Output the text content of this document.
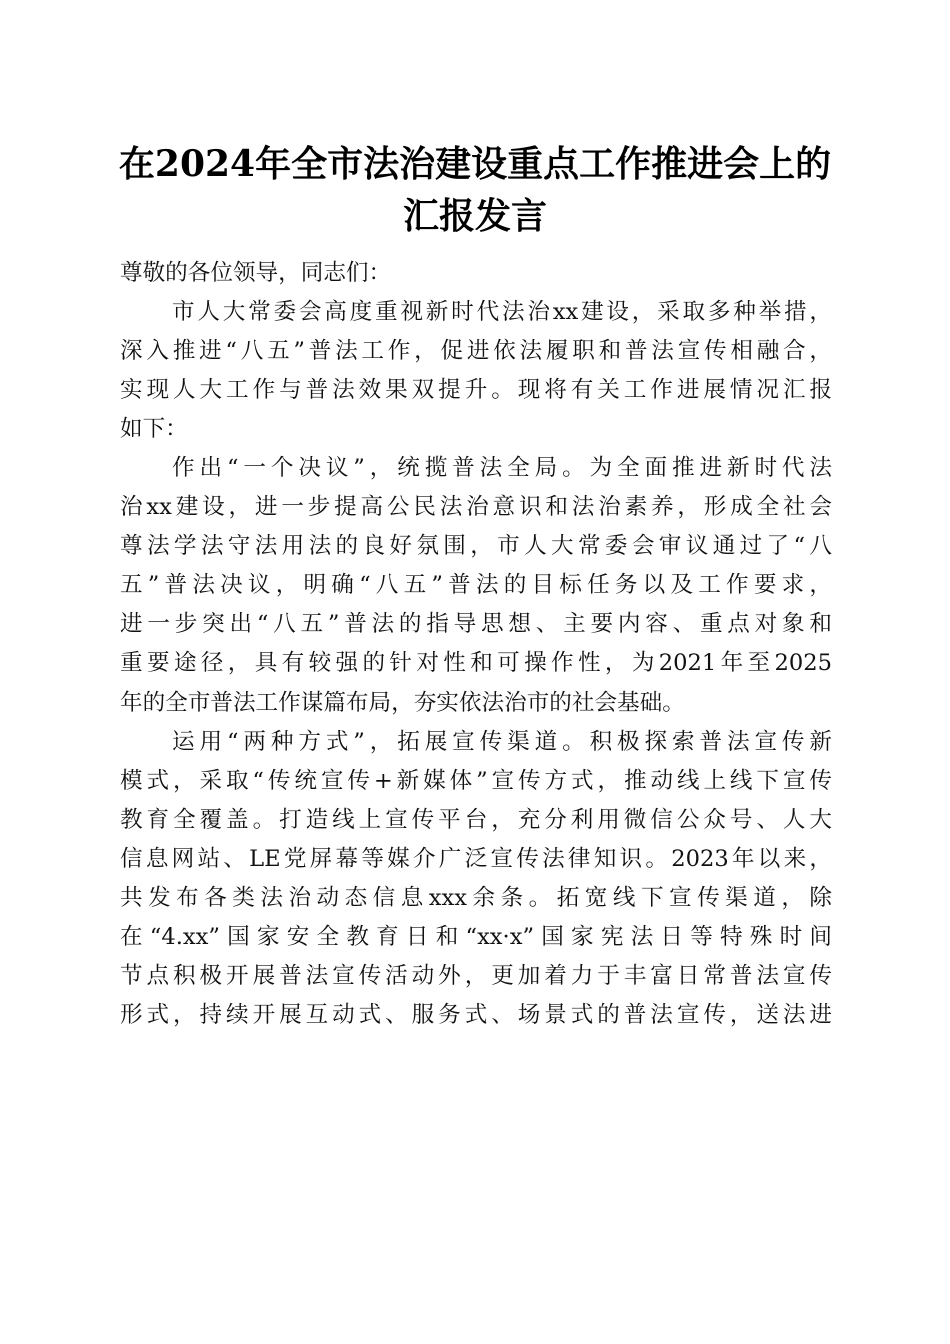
在2024年全市法治建设重点工作推进会上的
汇报发言
尊敬的各位领导，同志们：
市人大常委会高度重视新时代法治xx建设，采取多种举措，
深入推进“八五”普法工作，促进依法履职和普法宣传相融合，
实现人大工作与普法效果双提升。现将有关工作进展情况汇报
如下：
作出“一个决议”，统揽普法全局。为全面推进新时代法
治xx建设，进一步提高公民法治意识和法治素养，形成全社会
尊法学法守法用法的良好氛围，市人大常委会审议通过了“八
五”普法决议，明确“八五”普法的目标任务以及工作要求，
进一步突出“八五”普法的指导思想、主要内容、重点对象和
重要途径，具有较强的针对性和可操作性，为2021年至2025
年的全市普法工作谋篇布局，夯实依法治市的社会基础。
运用“两种方式”，拓展宣传渠道。积极探索普法宣传新
模式，采取“传统宣传+新媒体”宣传方式，推动线上线下宣传
教育全覆盖。打造线上宣传平台，充分利用微信公众号、人大
信息网站、LE党屏幕等媒介广泛宣传法律知识。2023年以来，
共发布各类法治动态信息xxx余条。拓宽线下宣传渠道，除
在“4.xx”国家安全教育日和“xx·x”国家宪法日等特殊时间
节点积极开展普法宣传活动外，更加着力于丰富日常普法宣传
形式，持续开展互动式、服务式、场景式的普法宣传，送法进
